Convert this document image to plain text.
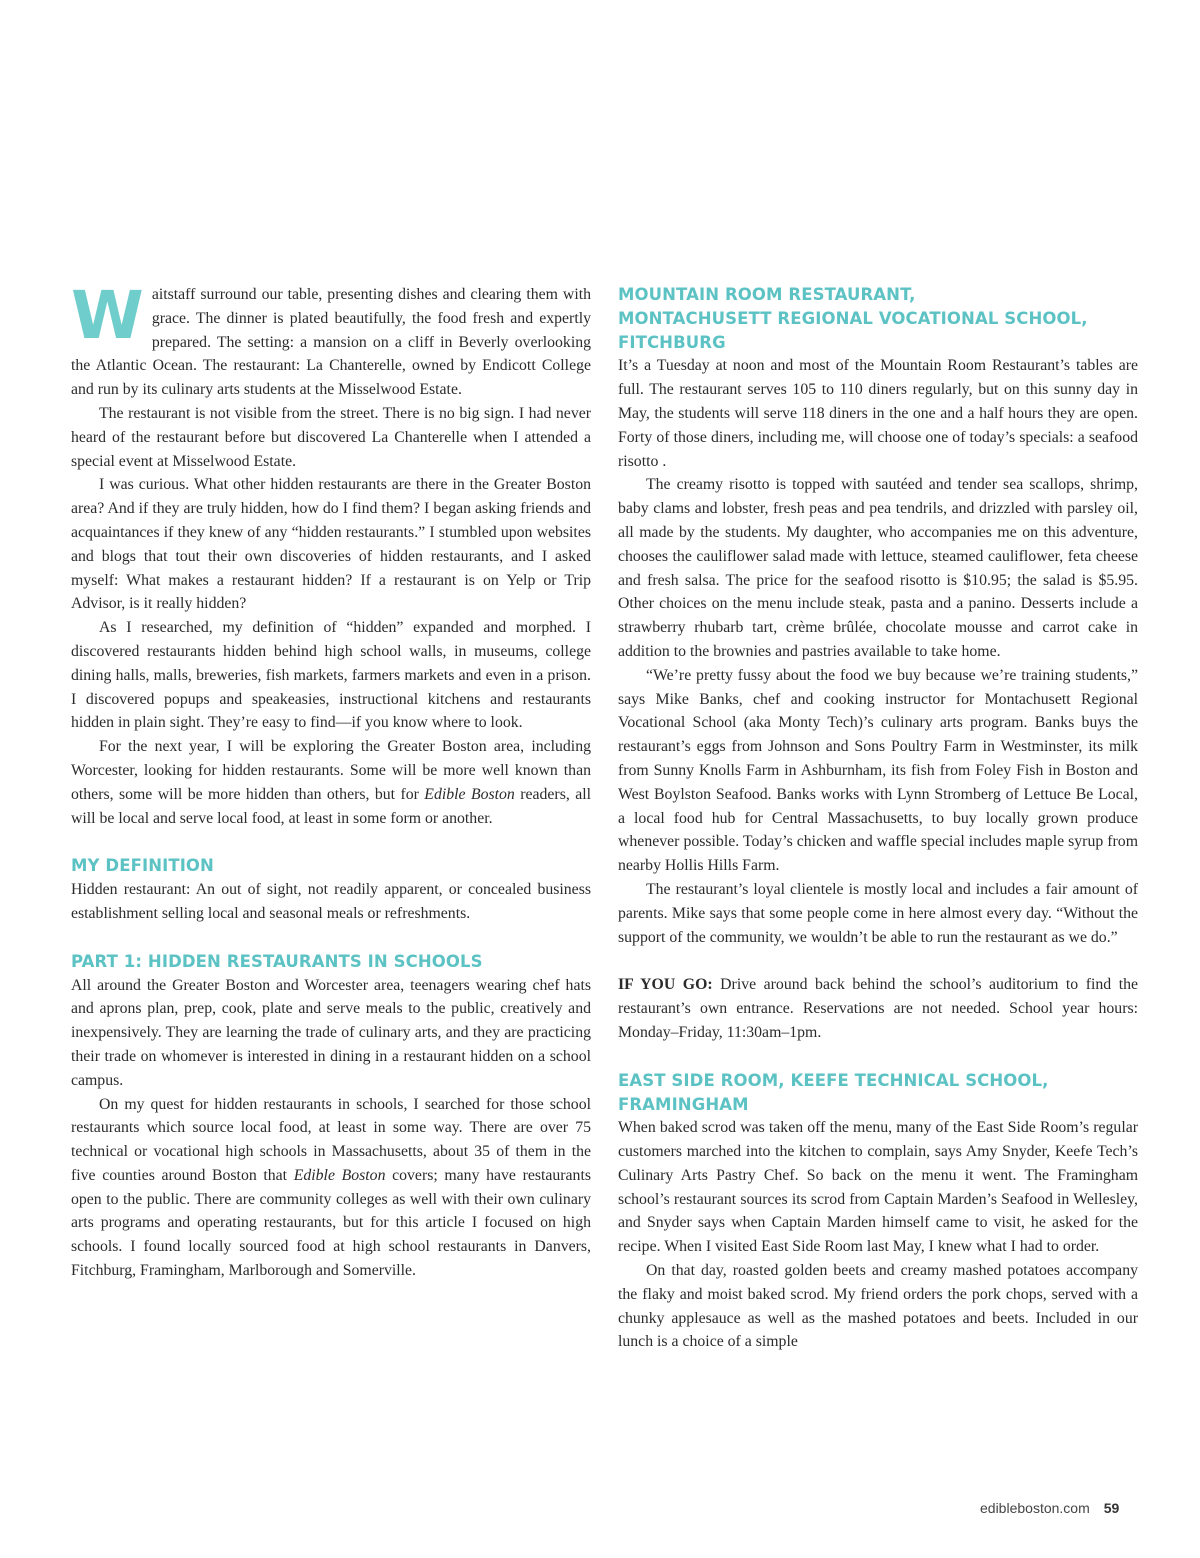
Waitstaff surround our table, presenting dishes and clearing them with grace. The dinner is plated beautifully, the food fresh and expertly prepared. The setting: a mansion on a cliff in Beverly overlooking the Atlantic Ocean. The restaurant: La Chanterelle, owned by Endicott College and run by its culinary arts students at the Misselwood Estate.

The restaurant is not visible from the street. There is no big sign. I had never heard of the restaurant before but discovered La Chanterelle when I attended a special event at Misselwood Estate.

I was curious. What other hidden restaurants are there in the Greater Boston area? And if they are truly hidden, how do I find them? I began asking friends and acquaintances if they knew of any “hidden restaurants.” I stumbled upon websites and blogs that tout their own discoveries of hidden restaurants, and I asked myself: What makes a restaurant hidden? If a restaurant is on Yelp or Trip Advisor, is it really hidden?

As I researched, my definition of “hidden” expanded and morphed. I discovered restaurants hidden behind high school walls, in museums, college dining halls, malls, breweries, fish markets, farmers markets and even in a prison. I discovered popups and speakeasies, instructional kitchens and restaurants hidden in plain sight. They’re easy to find—if you know where to look.

For the next year, I will be exploring the Greater Boston area, including Worcester, looking for hidden restaurants. Some will be more well known than others, some will be more hidden than others, but for Edible Boston readers, all will be local and serve local food, at least in some form or another.

MY DEFINITION

Hidden restaurant: An out of sight, not readily apparent, or concealed business establishment selling local and seasonal meals or refreshments.

PART 1: HIDDEN RESTAURANTS IN SCHOOLS

All around the Greater Boston and Worcester area, teenagers wearing chef hats and aprons plan, prep, cook, plate and serve meals to the public, creatively and inexpensively. They are learning the trade of culinary arts, and they are practicing their trade on whomever is interested in dining in a restaurant hidden on a school campus.

On my quest for hidden restaurants in schools, I searched for those school restaurants which source local food, at least in some way. There are over 75 technical or vocational high schools in Massachusetts, about 35 of them in the five counties around Boston that Edible Boston covers; many have restaurants open to the public. There are community colleges as well with their own culinary arts programs and operating restaurants, but for this article I focused on high schools. I found locally sourced food at high school restaurants in Danvers, Fitchburg, Framingham, Marlborough and Somerville.

MOUNTAIN ROOM RESTAURANT,
MONTACHUSETT REGIONAL VOCATIONAL SCHOOL, FITCHBURG

It’s a Tuesday at noon and most of the Mountain Room Restaurant’s tables are full. The restaurant serves 105 to 110 diners regularly, but on this sunny day in May, the students will serve 118 diners in the one and a half hours they are open. Forty of those diners, including me, will choose one of today’s specials: a seafood risotto .

The creamy risotto is topped with sautéed and tender sea scallops, shrimp, baby clams and lobster, fresh peas and pea tendrils, and drizzled with parsley oil, all made by the students. My daughter, who accompanies me on this adventure, chooses the cauliflower salad made with lettuce, steamed cauliflower, feta cheese and fresh salsa. The price for the seafood risotto is $10.95; the salad is $5.95. Other choices on the menu include steak, pasta and a panino. Desserts include a strawberry rhubarb tart, crème brûlée, chocolate mousse and carrot cake in addition to the brownies and pastries available to take home.

“We’re pretty fussy about the food we buy because we’re training students,” says Mike Banks, chef and cooking instructor for Montachusett Regional Vocational School (aka Monty Tech)’s culinary arts program. Banks buys the restaurant’s eggs from Johnson and Sons Poultry Farm in Westminster, its milk from Sunny Knolls Farm in Ashburnham, its fish from Foley Fish in Boston and West Boylston Seafood. Banks works with Lynn Stromberg of Lettuce Be Local, a local food hub for Central Massachusetts, to buy locally grown produce whenever possible. Today’s chicken and waffle special includes maple syrup from nearby Hollis Hills Farm.

The restaurant’s loyal clientele is mostly local and includes a fair amount of parents. Mike says that some people come in here almost every day. “Without the support of the community, we wouldn’t be able to run the restaurant as we do.”

IF YOU GO: Drive around back behind the school’s auditorium to find the restaurant’s own entrance. Reservations are not needed. School year hours: Monday–Friday, 11:30am–1pm.

EAST SIDE ROOM, KEEFE TECHNICAL SCHOOL, FRAMINGHAM

When baked scrod was taken off the menu, many of the East Side Room’s regular customers marched into the kitchen to complain, says Amy Snyder, Keefe Tech’s Culinary Arts Pastry Chef. So back on the menu it went. The Framingham school’s restaurant sources its scrod from Captain Marden’s Seafood in Wellesley, and Snyder says when Captain Marden himself came to visit, he asked for the recipe. When I visited East Side Room last May, I knew what I had to order.

On that day, roasted golden beets and creamy mashed potatoes accompany the flaky and moist baked scrod. My friend orders the pork chops, served with a chunky applesauce as well as the mashed potatoes and beets. Included in our lunch is a choice of a simple

edibleboston.com 59
